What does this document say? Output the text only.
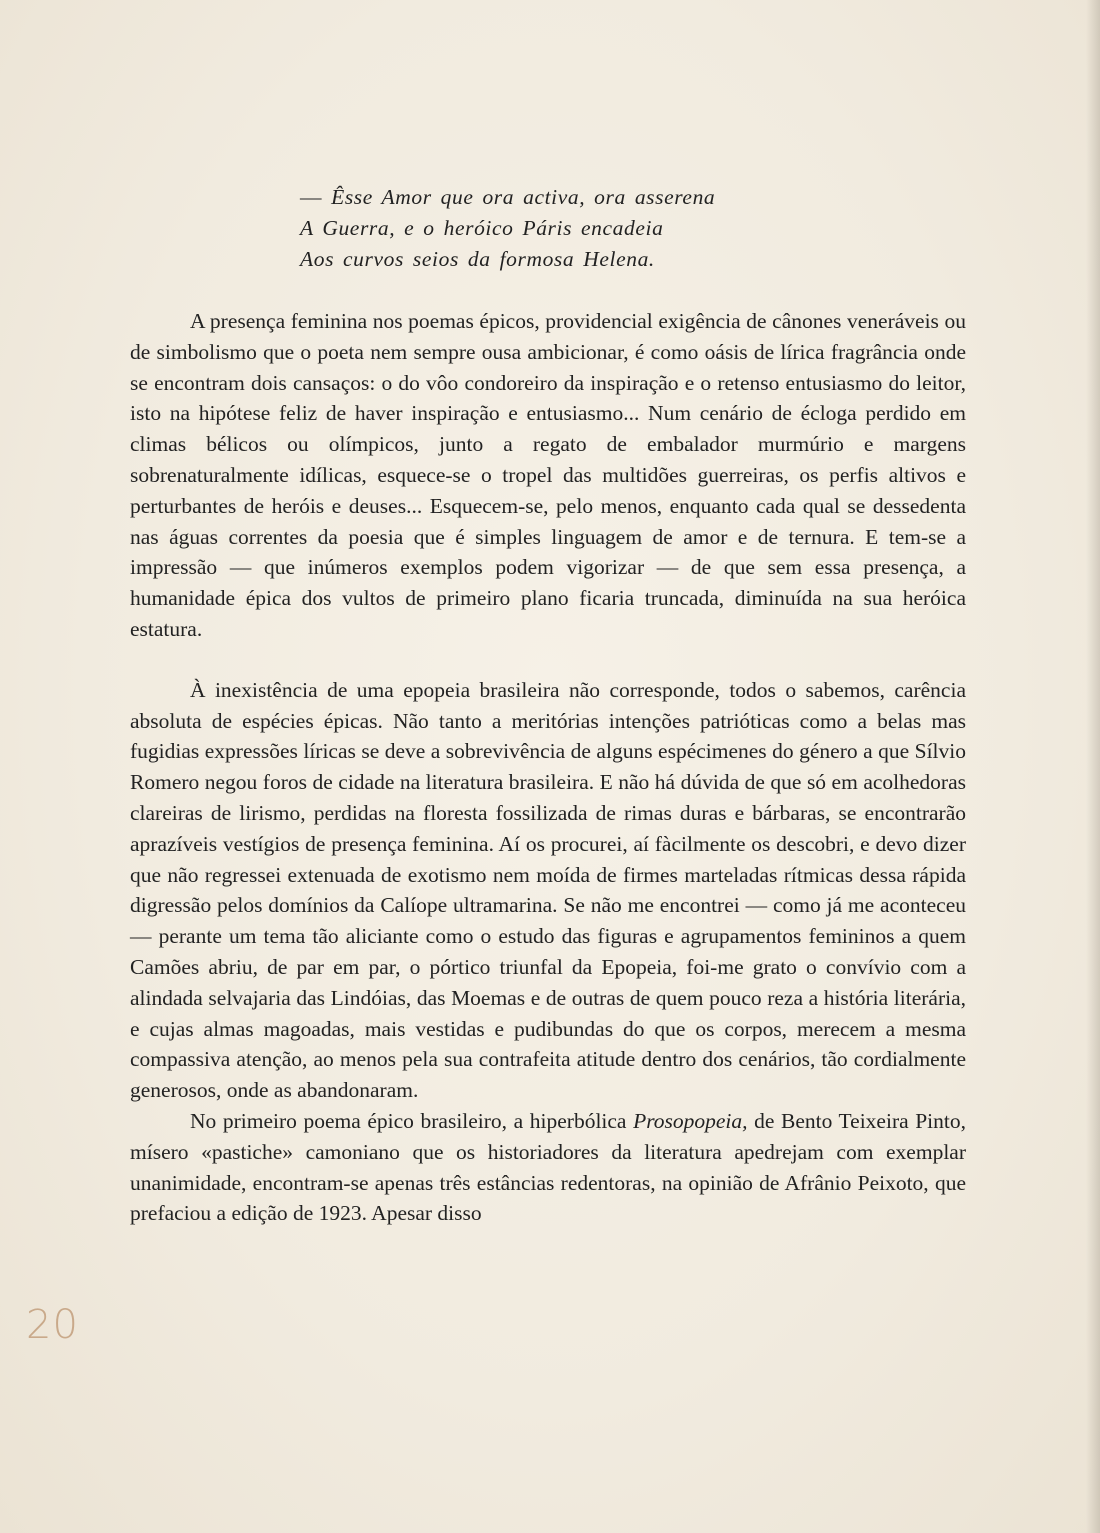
— Êsse Amor que ora activa, ora asserena
A Guerra, e o heróico Páris encadeia
Aos curvos seios da formosa Helena.

A presença feminina nos poemas épicos, providencial exigência de cânones veneráveis ou de simbolismo que o poeta nem sempre ousa ambicionar, é como oásis de lírica fragrância onde se encontram dois cansaços: o do vôo condoreiro da inspiração e o retenso entusiasmo do leitor, isto na hipótese feliz de haver inspiração e entusiasmo... Num cenário de écloga perdido em climas bélicos ou olímpicos, junto a regato de embalador murmúrio e margens sobrenaturalmente idílicas, esquece-se o tropel das multidões guerreiras, os perfis altivos e perturbantes de heróis e deuses... Esquecem-se, pelo menos, enquanto cada qual se dessedenta nas águas correntes da poesia que é simples linguagem de amor e de ternura. E tem-se a impressão — que inúmeros exemplos podem vigorizar — de que sem essa presença, a humanidade épica dos vultos de primeiro plano ficaria truncada, diminuída na sua heróica estatura.

À inexistência de uma epopeia brasileira não corresponde, todos o sabemos, carência absoluta de espécies épicas. Não tanto a meritórias intenções patrióticas como a belas mas fugidias expressões líricas se deve a sobrevivência de alguns espécimenes do género a que Sílvio Romero negou foros de cidade na literatura brasileira. E não há dúvida de que só em acolhedoras clareiras de lirismo, perdidas na floresta fossilizada de rimas duras e bárbaras, se encontrarão aprazíveis vestígios de presença feminina. Aí os procurei, aí fàcilmente os descobri, e devo dizer que não regressei extenuada de exotismo nem moída de firmes marteladas rítmicas dessa rápida digressão pelos domínios da Calíope ultramarina. Se não me encontrei — como já me aconteceu — perante um tema tão aliciante como o estudo das figuras e agrupamentos femininos a quem Camões abriu, de par em par, o pórtico triunfal da Epopeia, foi-me grato o convívio com a alindada selvajaria das Lindóias, das Moemas e de outras de quem pouco reza a história literária, e cujas almas magoadas, mais vestidas e pudibundas do que os corpos, merecem a mesma compassiva atenção, ao menos pela sua contrafeita atitude dentro dos cenários, tão cordialmente generosos, onde as abandonaram.

No primeiro poema épico brasileiro, a hiperbólica Prosopopeia, de Bento Teixeira Pinto, mísero «pastiche» camoniano que os historiadores da literatura apedrejam com exemplar unanimidade, encontram-se apenas três estâncias redentoras, na opinião de Afrânio Peixoto, que prefaciou a edição de 1923. Apesar disso

20
